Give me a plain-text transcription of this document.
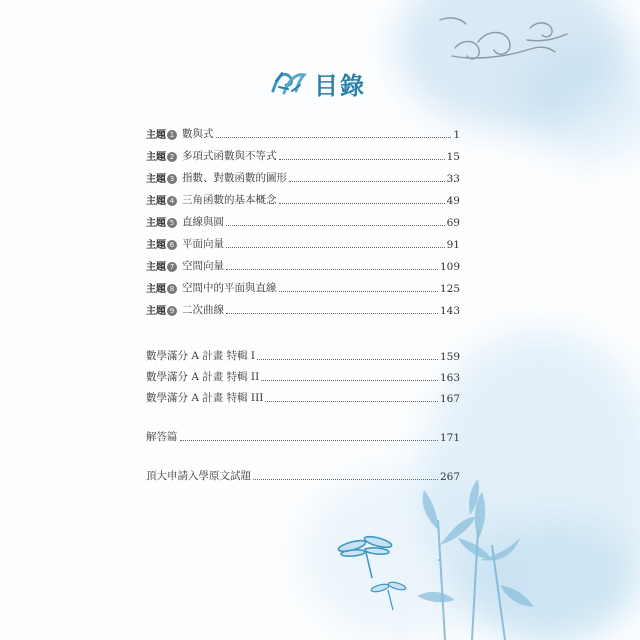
目錄
主題 1 數與式	1
主題 2 多項式函數與不等式	15
主題 3 指數、對數函數的圖形	33
主題 4 三角函數的基本概念	49
主題 5 直線與圓	69
主題 6 平面向量	91
主題 7 空間向量	109
主題 8 空間中的平面與直線	125
主題 9 二次曲線	143
數學滿分 A 計畫 特輯 I	159
數學滿分 A 計畫 特輯 II	163
數學滿分 A 計畫 特輯 III	167
解答篇	171
頂大申請入學原文試題	267
